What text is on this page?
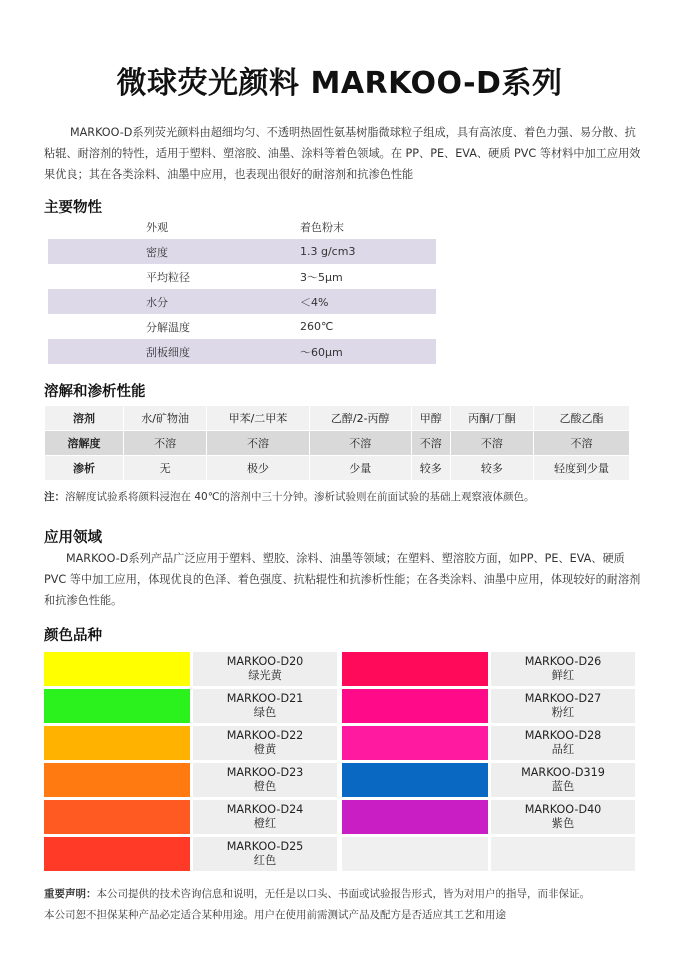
微球荧光颜料 MARKOO-D系列
MARKOO-D系列荧光颜料由超细均匀、不透明热固性氨基树脂微球粒子组成，具有高浓度、着色力强、易分散、抗粘辊、耐溶剂的特性，适用于塑料、塑溶胶、油墨、涂料等着色领域。在 PP、PE、EVA、硬质 PVC 等材料中加工应用效果优良；其在各类涂料、油墨中应用，也表现出很好的耐溶剂和抗渗色性能
主要物性
外观	着色粉末
密度	1.3 g/cm3
平均粒径	3～5μm
水分	＜4%
分解温度	260℃
刮板细度	～60μm
溶解和渗析性能
溶剂	水/矿物油	甲苯/二甲苯	乙醇/2-丙醇	甲醇	丙酮/丁酮	乙酸乙酯
溶解度	不溶	不溶	不溶	不溶	不溶	不溶
渗析	无	极少	少量	较多	较多	轻度到少量
注：溶解度试验系将颜料浸泡在 40℃的溶剂中三十分钟。渗析试验则在前面试验的基础上观察液体颜色。
应用领域
MARKOO-D系列产品广泛应用于塑料、塑胶、涂料、油墨等领域；在塑料、塑溶胶方面，如PP、PE、EVA、硬质 PVC 等中加工应用，体现优良的色泽、着色强度、抗粘辊性和抗渗析性能；在各类涂料、油墨中应用，体现较好的耐溶剂和抗渗色性能。
颜色品种
MARKOO-D20
绿光黄
MARKOO-D21
绿色
MARKOO-D22
橙黄
MARKOO-D23
橙色
MARKOO-D24
橙红
MARKOO-D25
红色
MARKOO-D26
鲜红
MARKOO-D27
粉红
MARKOO-D28
品红
MARKOO-D319
蓝色
MARKOO-D40
紫色
重要声明：本公司提供的技术咨询信息和说明，无任是以口头、书面或试验报告形式，皆为对用户的指导，而非保证。
本公司恕不担保某种产品必定适合某种用途。用户在使用前需测试产品及配方是否适应其工艺和用途
